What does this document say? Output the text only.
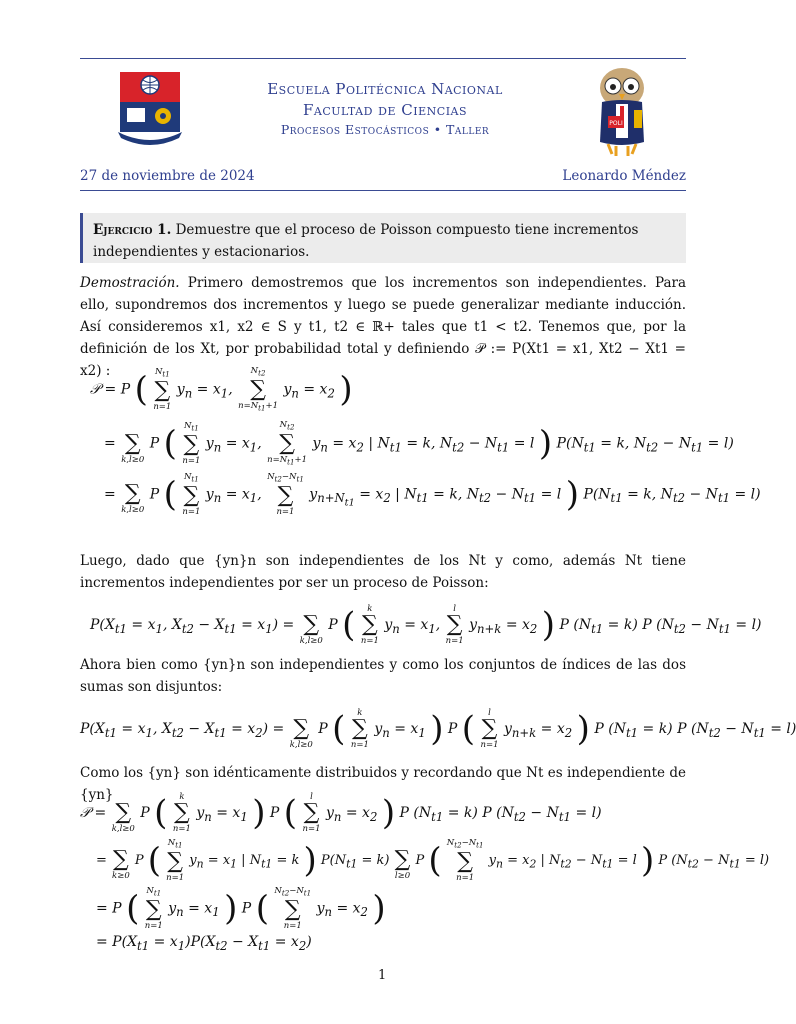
Escuela Politécnica Nacional
Facultad de Ciencias
Procesos Estocásticos • Taller	POLI
27 de noviembre de 2024	Leonardo Méndez
Ejercicio 1. Demuestre que el proceso de Poisson compuesto tiene incrementos independientes y estacionarios.
Demostración. Primero demostremos que los incrementos son independientes. Para ello, supondremos dos incrementos y luego se puede generalizar mediante inducción. Así consideremos x1, x2 ∈ S y t1, t2 ∈ ℝ+ tales que t1 < t2. Tenemos que, por la definición de los Xt, por probabilidad total y definiendo 𝒫 := P(Xt1 = x1, Xt2 − Xt1 = x2) :
𝒫 = P ( $N_{t1}$
∑
n=1
$y_n = x_1$,
$N_{t2}$
∑
$n=N_{t1}+1$
$y_n = x_2$ )
=
∑
k,l≥0
P ( $N_{t1}$
∑
n=1
$y_n = x_1$,
$N_{t2}$
∑
$n=N_{t1}+1$
$y_n = x_2$ | $N_{t1} = k$, $N_{t2} - N_{t1} = l$ ) $P(N_{t1} = k$, $N_{t2} - N_{t1} = l$)
=
∑
k,l≥0
P ( $N_{t1}$
∑
n=1
$y_n = x_1$,
$N_{t2}-N_{t1}$
∑
n=1
$y_{n+N_{t1}} = x_2$ | $N_{t1} = k$, $N_{t2} - N_{t1} = l$ ) $P(N_{t1} = k$, $N_{t2} - N_{t1} = l$)
Luego, dado que {yn}n son independientes de los Nt y como, además Nt tiene incrementos independientes por ser un proceso de Poisson:
$P(X_{t1} = x_1$, $X_{t2} - X_{t1} = x_1$) =
∑
k,l≥0
P (	k
∑
n=1
$y_n = x_1$,
l
∑
n=1
$y_{n+k} = x_2$ ) P $(N_{t1} = k)$ P $(N_{t2} - N_{t1} = l)$
Ahora bien como {yn}n son independientes y como los conjuntos de índices de las dos sumas son disjuntos:
$P(X_{t1} = x_1$, $X_{t2} - X_{t1} = x_2$) =
∑
k,l≥0
P (	k
∑
n=1
$y_n = x_1$ ) P (	l
∑
n=1
$y_{n+k} = x_2$ ) P $(N_{t1} = k)$ P $(N_{t2} - N_{t1} = l)$
Como los {yn} son idénticamente distribuidos y recordando que Nt es independiente de {yn}
𝒫 =
∑
k,l≥0
P (	k
∑
n=1
$y_n = x_1$ ) P (	l
∑
n=1
$y_n = x_2$ ) P $(N_{t1} = k)$ P $(N_{t2} - N_{t1} = l)$
=
∑
k≥0
P ( $N_{t1}$
∑
n=1
$y_n = x_1$ | $N_{t1} = k$ ) $P(N_{t1} = k)$
∑
l≥0
P ( $N_{t2}-N_{t1}$
∑
n=1
$y_n = x_2$ | $N_{t2} - N_{t1} = l$ ) P $(N_{t2} - N_{t1} = l)$
= P ( $N_{t1}$
∑
n=1
$y_n = x_1$ ) P ( $N_{t2}-N_{t1}$
∑
n=1
$y_n = x_2$ )
= $P(X_{t1} = x_1)P(X_{t2} - X_{t1} = x_2)$
1
